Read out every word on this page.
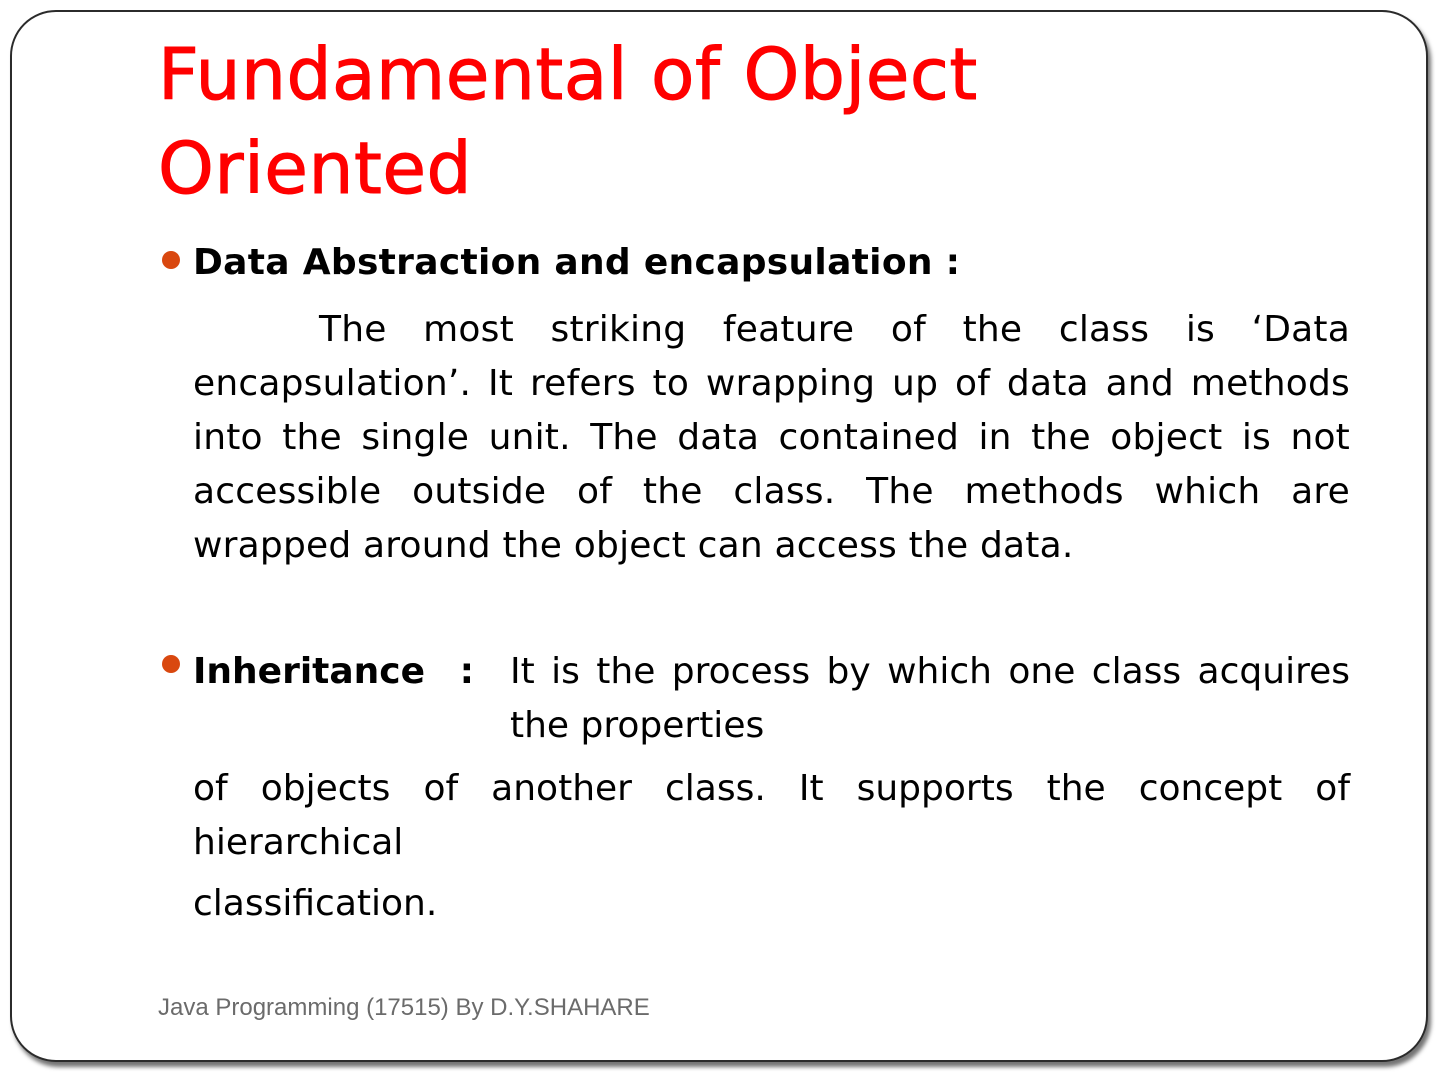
Fundamental of Object Oriented
Data Abstraction and encapsulation :

The most striking feature of the class is ‘Data encapsulation’. It refers to wrapping up of data and methods into the single unit. The data contained in the object is not accessible outside of the class. The methods which are wrapped around the object can access the data.

Inheritance : It is the process by which one class acquires the properties

of objects of another class. It supports the concept of hierarchical

classification.

Java Programming (17515) By D.Y.SHAHARE
